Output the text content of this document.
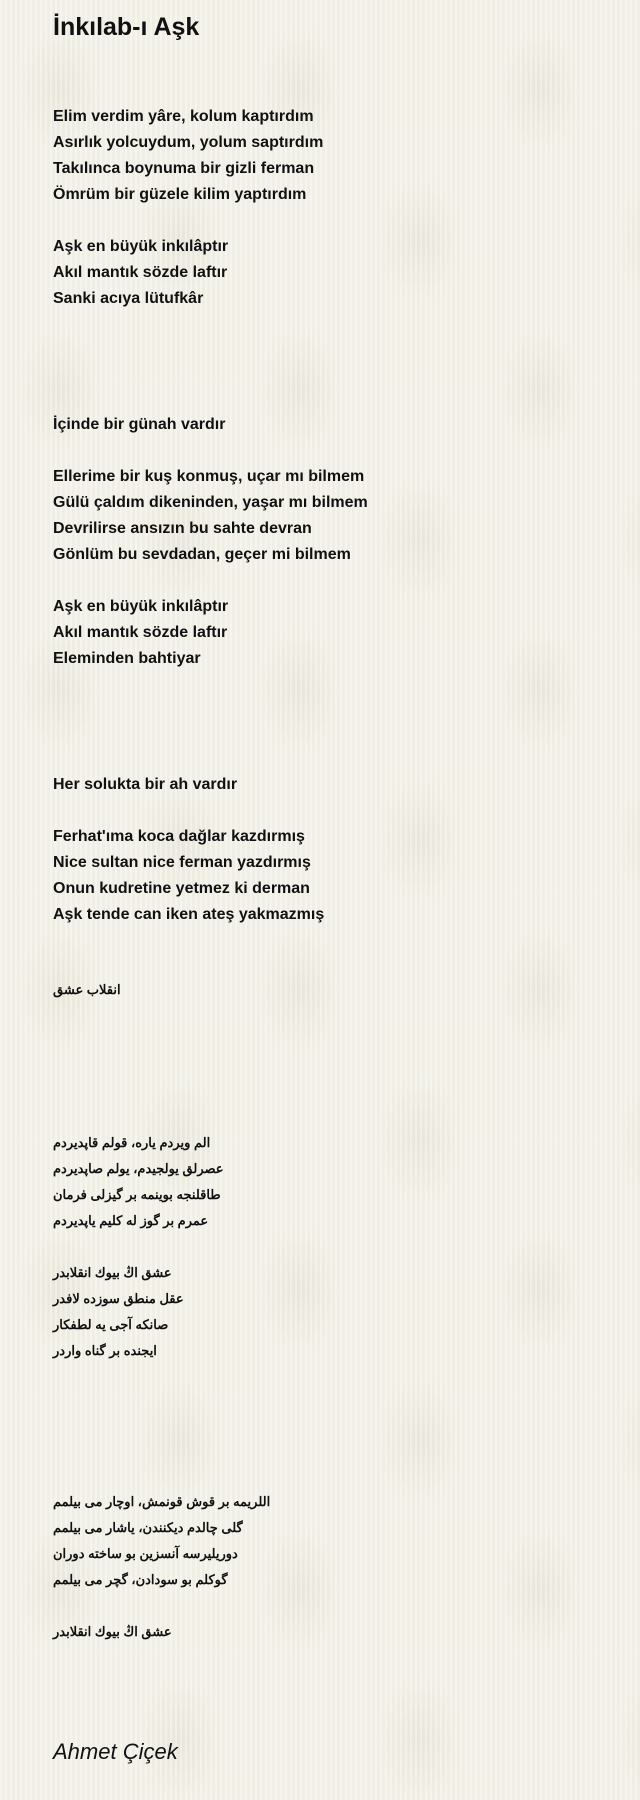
İnkılab-ı Aşk

Elim verdim yâre, kolum kaptırdım

Asırlık yolcuydum, yolum saptırdım

Takılınca boynuma bir gizli ferman

Ömrüm bir güzele kilim yaptırdım

Aşk en büyük inkılâptır

Akıl mantık sözde laftır

Sanki acıya lütufkâr

İçinde bir günah vardır

Ellerime bir kuş konmuş, uçar mı bilmem

Gülü çaldım dikeninden, yaşar mı bilmem

Devrilirse ansızın bu sahte devran

Gönlüm bu sevdadan, geçer mi bilmem

Aşk en büyük inkılâptır

Akıl mantık sözde laftır

Eleminden bahtiyar

Her solukta bir ah vardır

Ferhat'ıma koca dağlar kazdırmış

Nice sultan nice ferman yazdırmış

Onun kudretine yetmez ki derman

Aşk tende can iken ateş yakmazmış

انقلاب عشق

الم ویردم یاره، قولم قاپدیردم

عصرلق یولجیدم، یولم صاپدیردم

طاقلنجه بوینمه بر گیزلی فرمان

عمرم بر گوز له کلیم یاپدیردم

عشق اڭ بیوك انقلابدر

عقل منطق سوزده لافدر

صانکه آجی یه لطفکار

ایجنده بر گناه واردر

اللریمه بر قوش قونمش، اوچار می بیلمم

گلی چالدم دیکنندن، یاشار می بیلمم

دوریلیرسه آنسزین بو ساخته دوران

گوکلم بو سودادن، گچر می بیلمم

عشق اڭ بیوك انقلابدر

Ahmet Çiçek
